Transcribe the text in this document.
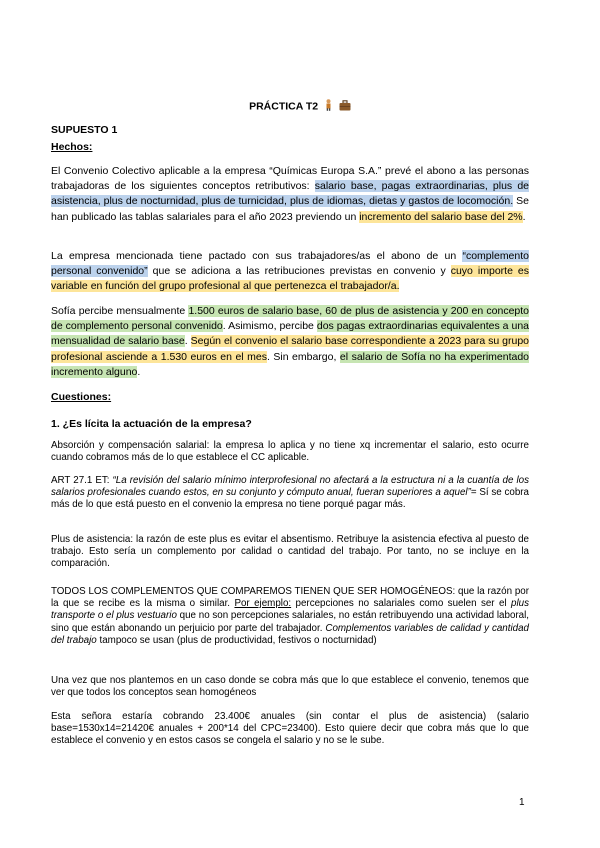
PRÁCTICA T2
SUPUESTO 1
Hechos:

El Convenio Colectivo aplicable a la empresa “Químicas Europa S.A.” prevé el abono a las personas trabajadoras de los siguientes conceptos retributivos: salario base, pagas extraordinarias, plus de asistencia, plus de nocturnidad, plus de turnicidad, plus de idiomas, dietas y gastos de locomoción. Se han publicado las tablas salariales para el año 2023 previendo un incremento del salario base del 2%.

La empresa mencionada tiene pactado con sus trabajadores/as el abono de un “complemento personal convenido” que se adiciona a las retribuciones previstas en convenio y cuyo importe es variable en función del grupo profesional al que pertenezca el trabajador/a.

Sofía percibe mensualmente 1.500 euros de salario base, 60 de plus de asistencia y 200 en concepto de complemento personal convenido. Asimismo, percibe dos pagas extraordinarias equivalentes a una mensualidad de salario base. Según el convenio el salario base correspondiente a 2023 para su grupo profesional asciende a 1.530 euros en el mes. Sin embargo, el salario de Sofía no ha experimentado incremento alguno.

Cuestiones:
1. ¿Es lícita la actuación de la empresa?

Absorción y compensación salarial: la empresa lo aplica y no tiene xq incrementar el salario, esto ocurre cuando cobramos más de lo que establece el CC aplicable.

ART 27.1 ET: “La revisión del salario mínimo interprofesional no afectará a la estructura ni a la cuantía de los salarios profesionales cuando estos, en su conjunto y cómputo anual, fueran superiores a aquel”= Sí se cobra más de lo que está puesto en el convenio la empresa no tiene porqué pagar más.

Plus de asistencia: la razón de este plus es evitar el absentismo. Retribuye la asistencia efectiva al puesto de trabajo. Esto sería un complemento por calidad o cantidad del trabajo. Por tanto, no se incluye en la comparación.

TODOS LOS COMPLEMENTOS QUE COMPAREMOS TIENEN QUE SER HOMOGÉNEOS: que la razón por la que se recibe es la misma o similar. Por ejemplo: percepciones no salariales como suelen ser el plus transporte o el plus vestuario que no son percepciones salariales, no están retribuyendo una actividad laboral, sino que están abonando un perjuicio por parte del trabajador. Complementos variables de calidad y cantidad del trabajo tampoco se usan (plus de productividad, festivos o nocturnidad)

Una vez que nos plantemos en un caso donde se cobra más que lo que establece el convenio, tenemos que ver que todos los conceptos sean homogéneos

Esta señora estaría cobrando 23.400€ anuales (sin contar el plus de asistencia) (salario base=1530x14=21420€ anuales + 200*14 del CPC=23400). Esto quiere decir que cobra más que lo que establece el convenio y en estos casos se congela el salario y no se le sube.

1
